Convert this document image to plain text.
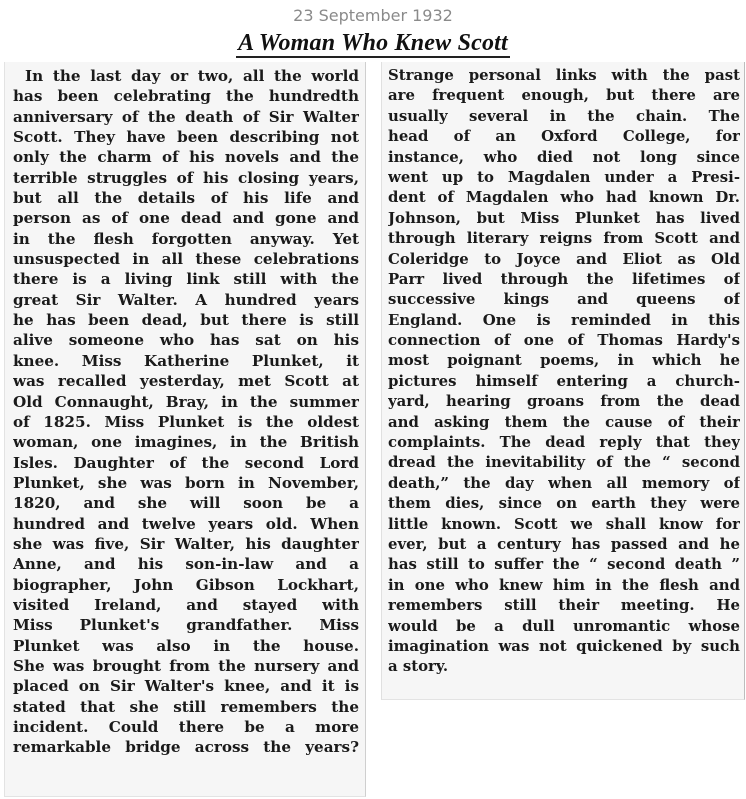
23 September 1932
A Woman Who Knew Scott
In the last day or two, all the world
has been celebrating the hundredth
anniversary of the death of Sir Walter
Scott. They have been describing not
only the charm of his novels and the
terrible struggles of his closing years,
but all the details of his life and
person as of one dead and gone and
in the flesh forgotten anyway. Yet
unsuspected in all these celebrations
there is a living link still with the
great Sir Walter. A hundred years
he has been dead, but there is still
alive someone who has sat on his
knee. Miss Katherine Plunket, it
was recalled yesterday, met Scott at
Old Connaught, Bray, in the summer
of 1825. Miss Plunket is the oldest
woman, one imagines, in the British
Isles. Daughter of the second Lord
Plunket, she was born in November,
1820, and she will soon be a
hundred and twelve years old. When
she was five, Sir Walter, his daughter
Anne, and his son-in-law and a
biographer, John Gibson Lockhart,
visited Ireland, and stayed with
Miss Plunket's grandfather. Miss
Plunket was also in the house.
She was brought from the nursery and
placed on Sir Walter's knee, and it is
stated that she still remembers the
incident. Could there be a more
remarkable bridge across the years?
Strange personal links with the past
are frequent enough, but there are
usually several in the chain. The
head of an Oxford College, for
instance, who died not long since
went up to Magdalen under a Presi-
dent of Magdalen who had known Dr.
Johnson, but Miss Plunket has lived
through literary reigns from Scott and
Coleridge to Joyce and Eliot as Old
Parr lived through the lifetimes of
successive kings and queens of
England. One is reminded in this
connection of one of Thomas Hardy's
most poignant poems, in which he
pictures himself entering a church-
yard, hearing groans from the dead
and asking them the cause of their
complaints. The dead reply that they
dread the inevitability of the “ second
death,” the day when all memory of
them dies, since on earth they were
little known. Scott we shall know for
ever, but a century has passed and he
has still to suffer the “ second death ”
in one who knew him in the flesh and
remembers still their meeting. He
would be a dull unromantic whose
imagination was not quickened by such
a story.
